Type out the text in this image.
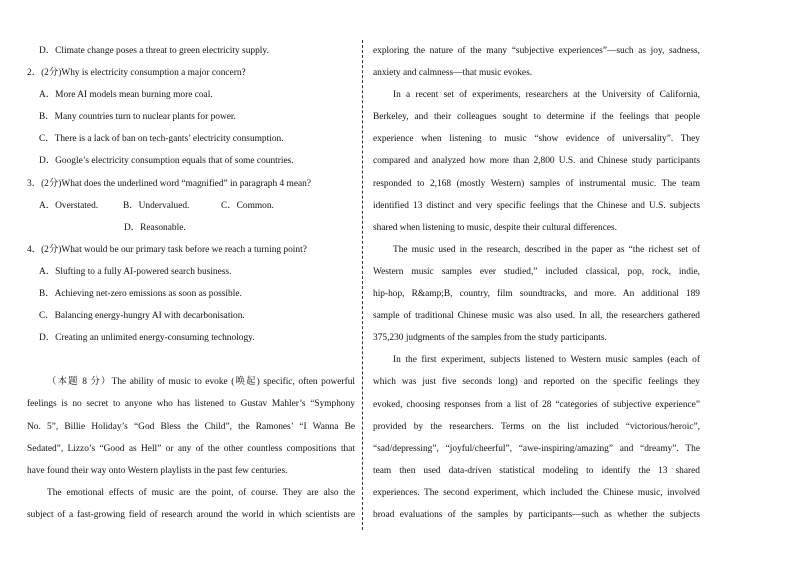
D．Climate change poses a threat to green electricity supply.
2．(2分)Why is electricity consumption a major concern?
A．More AI models mean burning more coal.
B．Many countries turn to nuclear plants for power.
C．There is a lack of ban on tech-gants’ electricity consumption.
D．Google’s electricity consumption equals that of some countries.
3．(2分)What does the underlined word “magnified” in paragraph 4 mean?
A．Overstated.	B．Undervalued.	C．Common.
D．Reasonable.
4．(2分)What would be our primary task before we reach a turning point?
A．Slufting to a fully AI-powered search business.
B．Achieving net-zero emissions as soon as possible.
C．Balancing energy-hungry AI with decarbonisation.
D．Creating an unlimited energy-consuming technology.
（本题 8 分）The ability of music to evoke (唤起) specific, often powerful
feelings is no secret to anyone who has listened to Gustav Mahler’s “Symphony
No. 5”, Billie Holiday’s “God Bless the Child”, the Ramones’ “I Wanna Be
Sedated”, Lizzo’s “Good as Hell” or any of the other countless compositions that
have found their way onto Western playlists in the past few centuries.
The emotional effects of music are the point, of course. They are also the
subject of a fast-growing field of research around the world in which scientists are
exploring the nature of the many “subjective experiences”—such as joy, sadness,
anxiety and calmness—that music evokes.
In a recent set of experiments, researchers at the University of California,
Berkeley, and their colleagues sought to determine if the feelings that people
experience when listening to music “show evidence of universality”. They
compared and analyzed how more than 2,800 U.S. and Chinese study participants
responded to 2,168 (mostly Western) samples of instrumental music. The team
identified 13 distinct and very specific feelings that the Chinese and U.S. subjects
shared when listening to music, despite their cultural differences.
The music used in the research, described in the paper as “the richest set of
Western music samples ever studied,” included classical, pop, rock, indie,
hip-hop, R&amp;B, country, film soundtracks, and more. An additional 189
sample of traditional Chinese music was also used. In all, the researchers gathered
375,230 judgments of the samples from the study participants.
In the first experiment, subjects listened to Western music samples (each of
which was just five seconds long) and reported on the specific feelings they
evoked, choosing responses from a list of 28 “categories of subjective experience”
provided by the researchers. Terms on the list included “victorious/heroic”,
“sad/depressing”, “joyful/cheerful”, “awe-inspiring/amazing” and “dreamy”. The
team then used data-driven statistical modeling to identify the 13 shared
experiences. The second experiment, which included the Chinese music, involved
broad evaluations of the samples by participants—such as whether the subjects
